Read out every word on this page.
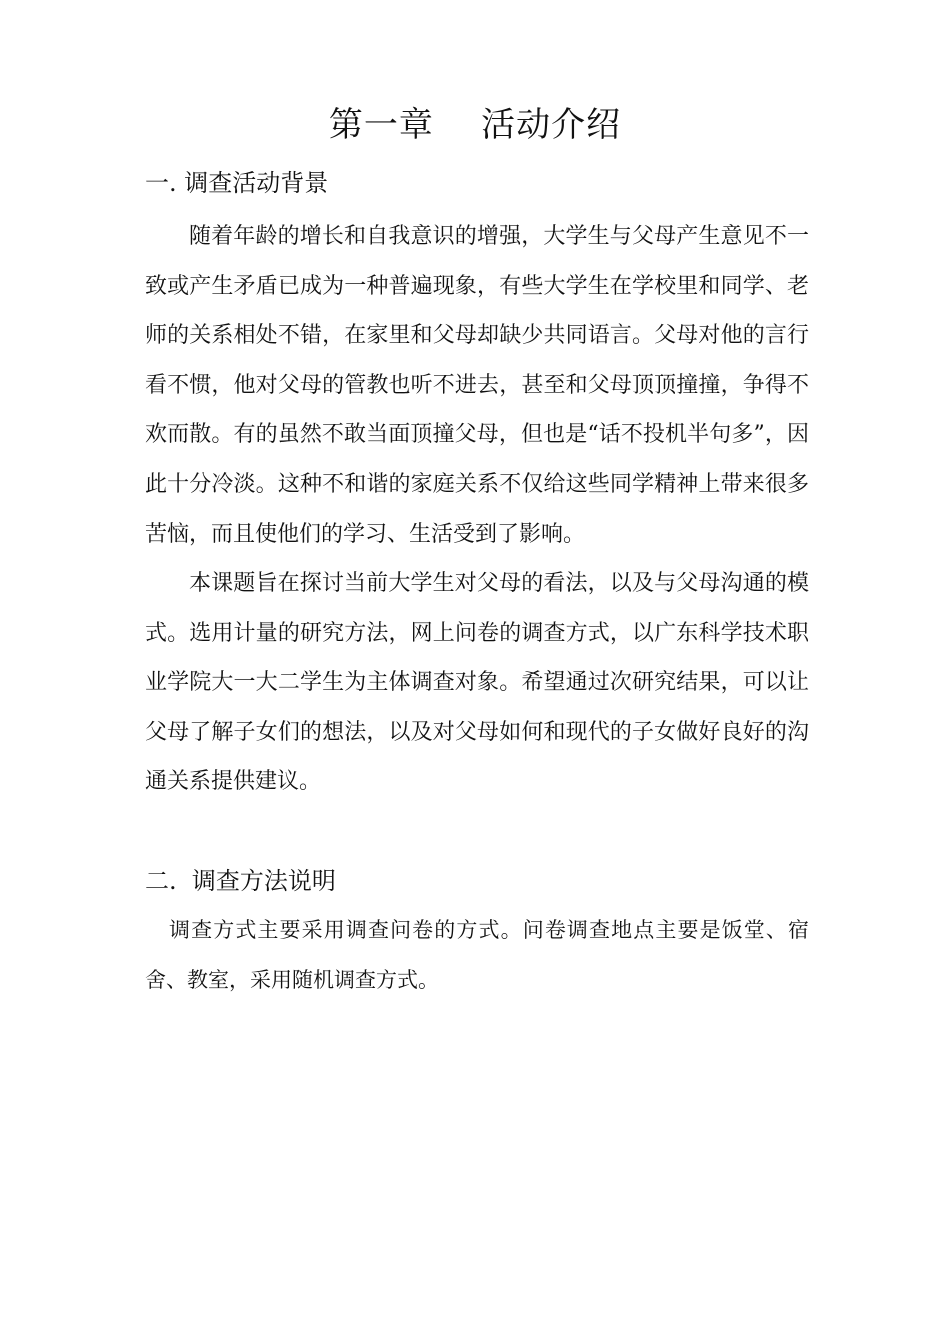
第一章    活动介绍
一. 调查活动背景

随着年龄的增长和自我意识的增强，大学生与父母产生意见不一致或产生矛盾已成为一种普遍现象，有些大学生在学校里和同学、老师的关系相处不错，在家里和父母却缺少共同语言。父母对他的言行看不惯，他对父母的管教也听不进去，甚至和父母顶顶撞撞，争得不欢而散。有的虽然不敢当面顶撞父母，但也是“话不投机半句多”，因此十分冷淡。这种不和谐的家庭关系不仅给这些同学精神上带来很多苦恼，而且使他们的学习、生活受到了影响。

本课题旨在探讨当前大学生对父母的看法，以及与父母沟通的模式。选用计量的研究方法，网上问卷的调查方式，以广东科学技术职业学院大一大二学生为主体调查对象。希望通过次研究结果，可以让父母了解子女们的想法，以及对父母如何和现代的子女做好良好的沟通关系提供建议。

二.  调查方法说明

调查方式主要采用调查问卷的方式。问卷调查地点主要是饭堂、宿舍、教室，采用随机调查方式。
